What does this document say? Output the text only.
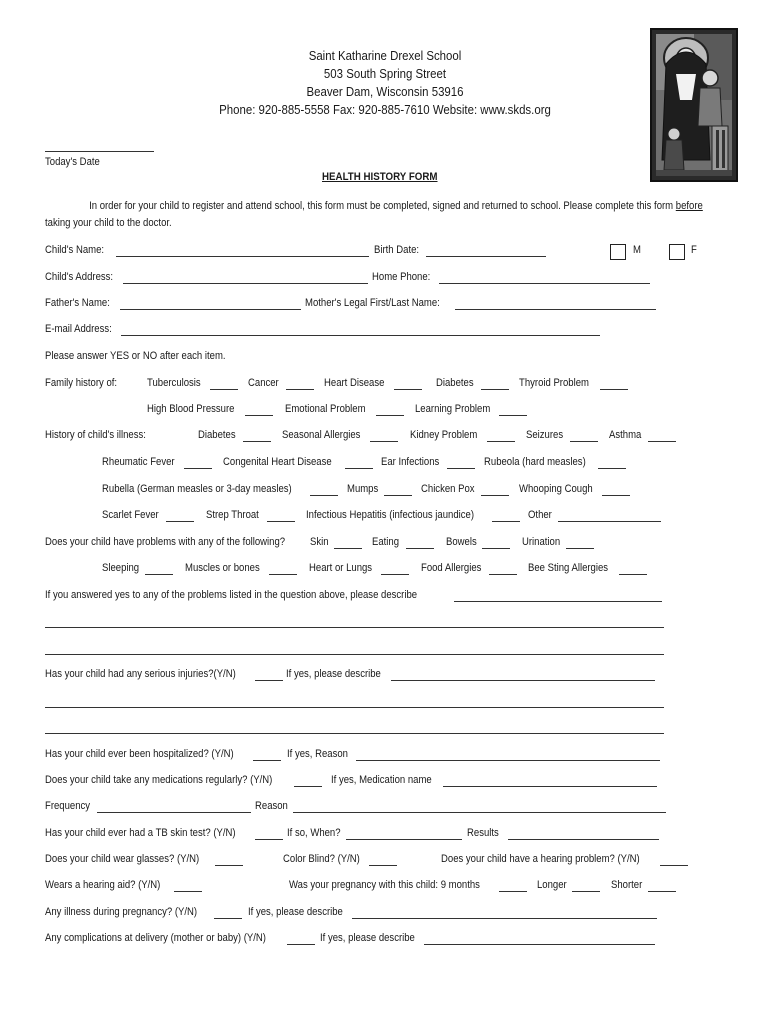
Saint Katharine Drexel School
503 South Spring Street
Beaver Dam, Wisconsin 53916
Phone: 920-885-5558 Fax: 920-885-7610 Website: www.skds.org
Today's Date
HEALTH HISTORY FORM
In order for your child to register and attend school, this form must be completed, signed and returned to school. Please complete this form before taking your child to the doctor.
Child's Name:	Birth Date:	M	F
Child's Address:	Home Phone:
Father's Name:	Mother's Legal First/Last Name:
E-mail Address:
Please answer YES or NO after each item.
Family history of:	Tuberculosis	Cancer	Heart Disease	Diabetes	Thyroid Problem
High Blood Pressure	Emotional Problem	Learning Problem
History of child's illness:	Diabetes	Seasonal Allergies	Kidney Problem	Seizures	Asthma
Rheumatic Fever	Congenital Heart Disease	Ear Infections	Rubeola (hard measles)
Rubella (German measles or 3-day measles)	Mumps	Chicken Pox	Whooping Cough
Scarlet Fever	Strep Throat	Infectious Hepatitis (infectious jaundice)	Other
Does your child have problems with any of the following? Skin	Eating	Bowels	Urination
Sleeping	Muscles or bones	Heart or Lungs	Food Allergies	Bee Sting Allergies
If you answered yes to any of the problems listed in the question above, please describe
Has your child had any serious injuries?(Y/N)	If yes, please describe
Has your child ever been hospitalized? (Y/N)	If yes, Reason
Does your child take any medications regularly? (Y/N)	If yes, Medication name
Frequency	Reason
Has your child ever had a TB skin test? (Y/N)	If so, When?	Results
Does your child wear glasses? (Y/N)	Color Blind? (Y/N)	Does your child have a hearing problem? (Y/N)
Wears a hearing aid? (Y/N)	Was your pregnancy with this child: 9 months	Longer	Shorter
Any illness during pregnancy? (Y/N)	If yes, please describe
Any complications at delivery (mother or baby) (Y/N)	If yes, please describe
